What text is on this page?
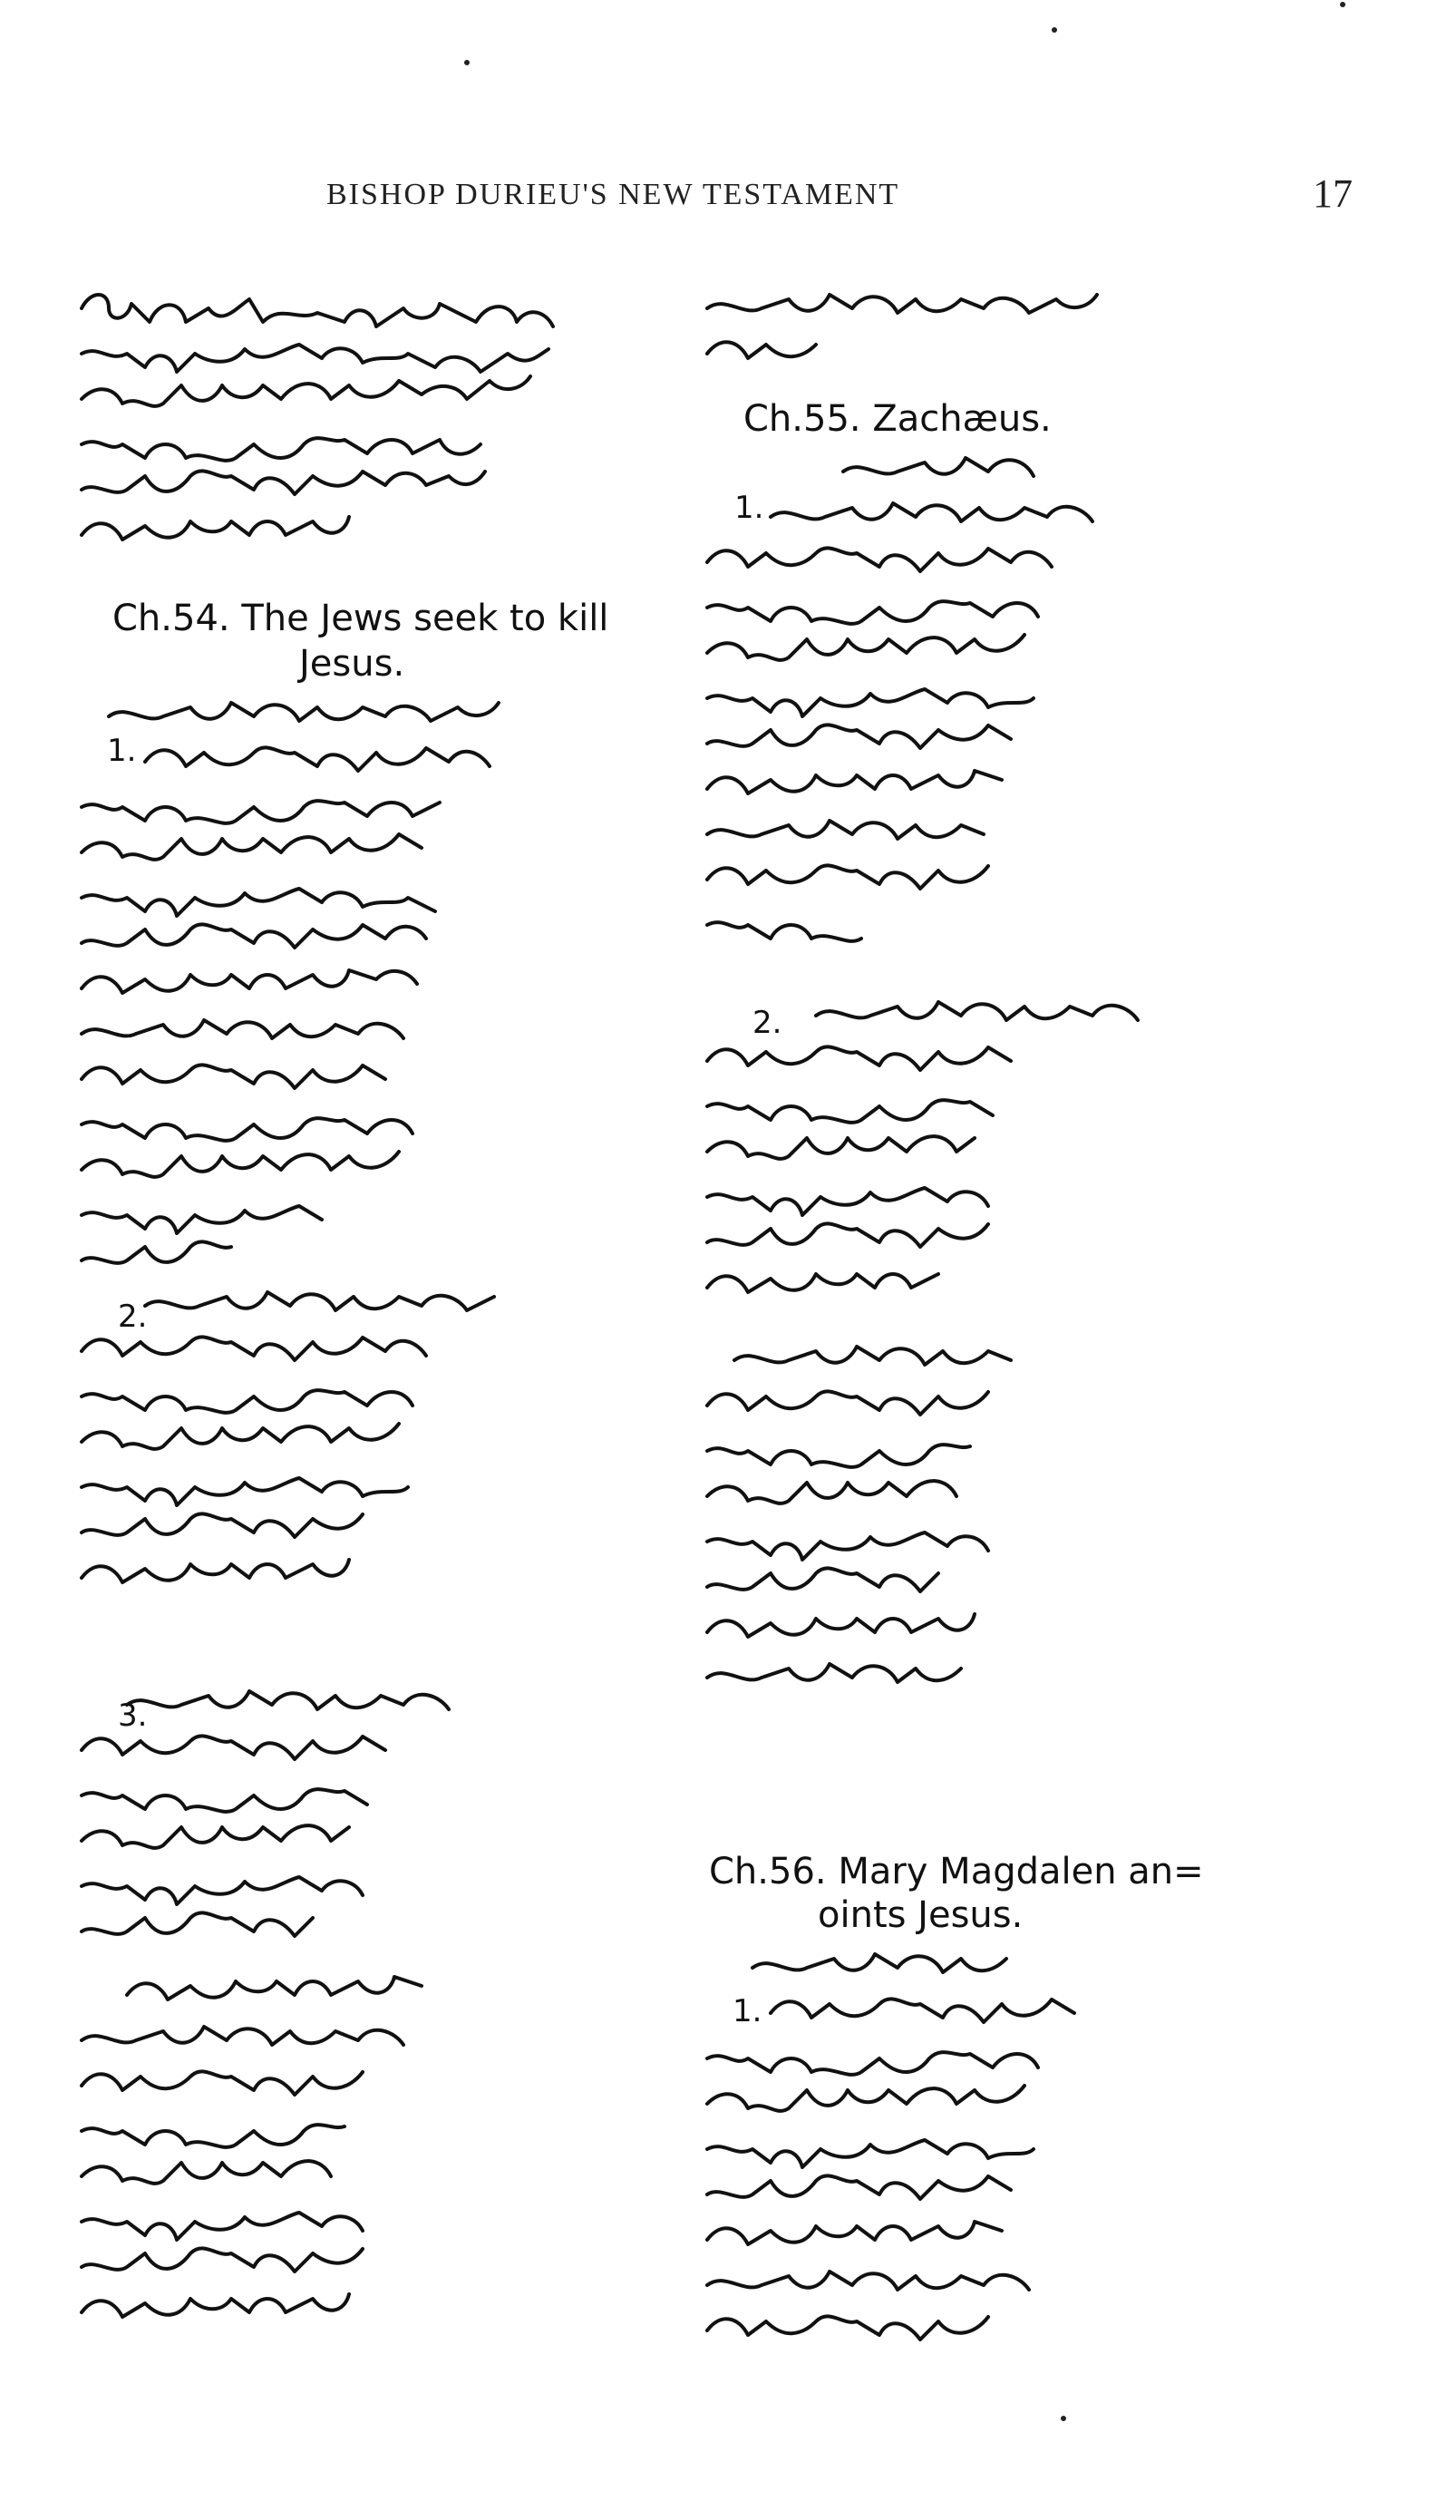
BISHOP DURIEU'S NEW TESTAMENT	17
Ch.54. The Jews seek to kill
Jesus.
1.
2.
3.
Ch.55. Zachæus.
1.
2.
Ch.56. Mary Magdalen an=
oints Jesus.
1.
